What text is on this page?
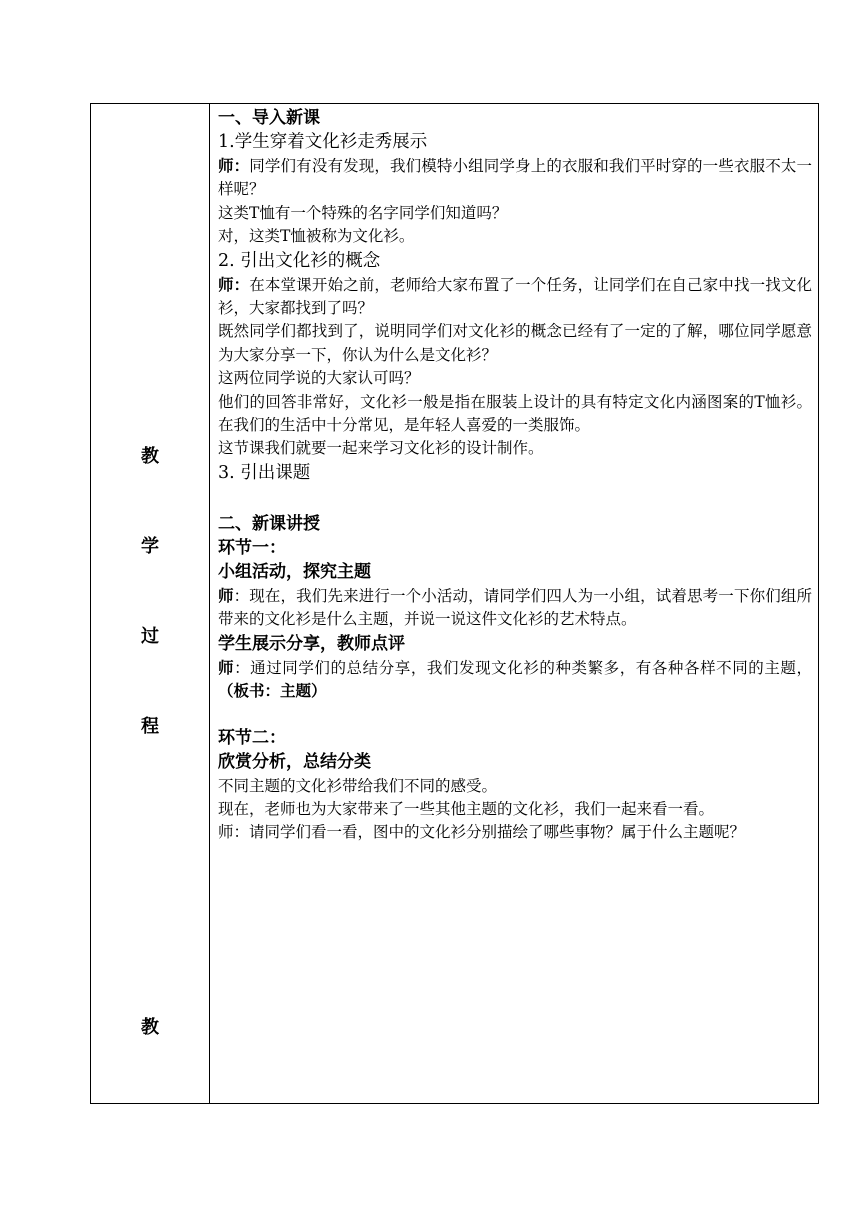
教
学
过
程
教

一、导入新课

1.学生穿着文化衫走秀展示

师：同学们有没有发现，我们模特小组同学身上的衣服和我们平时穿的一些衣服不太一样呢？

这类T恤有一个特殊的名字同学们知道吗？

对，这类T恤被称为文化衫。

2. 引出文化衫的概念

师：在本堂课开始之前，老师给大家布置了一个任务，让同学们在自己家中找一找文化衫，大家都找到了吗？

既然同学们都找到了，说明同学们对文化衫的概念已经有了一定的了解，哪位同学愿意为大家分享一下，你认为什么是文化衫？

这两位同学说的大家认可吗？

他们的回答非常好，文化衫一般是指在服装上设计的具有特定文化内涵图案的T恤衫。在我们的生活中十分常见，是年轻人喜爱的一类服饰。

这节课我们就要一起来学习文化衫的设计制作。

3. 引出课题

二、新课讲授

环节一：

小组活动，探究主题

师：现在，我们先来进行一个小活动，请同学们四人为一小组，试着思考一下你们组所带来的文化衫是什么主题，并说一说这件文化衫的艺术特点。

学生展示分享，教师点评

师：通过同学们的总结分享，我们发现文化衫的种类繁多，有各种各样不同的主题，（板书：主题）

环节二：

欣赏分析，总结分类

不同主题的文化衫带给我们不同的感受。

现在，老师也为大家带来了一些其他主题的文化衫，我们一起来看一看。

师：请同学们看一看，图中的文化衫分别描绘了哪些事物？属于什么主题呢？
